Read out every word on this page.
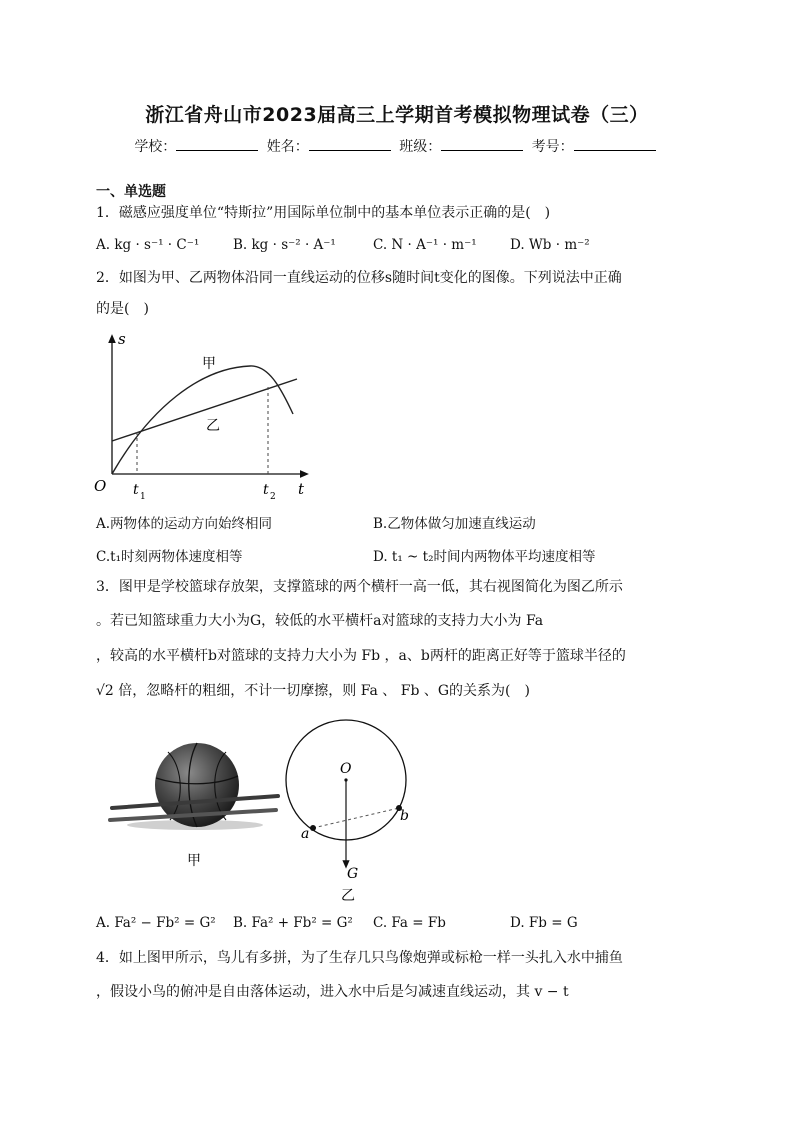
浙江省舟山市2023届高三上学期首考模拟物理试卷（三）
学校：	姓名：	班级：	考号：
一、单选题
1．磁感应强度单位“特斯拉”用国际单位制中的基本单位表示正确的是(　)
A. kg · s⁻¹ · C⁻¹	B. kg · s⁻² · A⁻¹	C. N · A⁻¹ · m⁻¹ D. Wb · m⁻²
2．如图为甲、乙两物体沿同一直线运动的位移s随时间t变化的图像。下列说法中正确
的是(　)
s
t
O
甲
乙
t 1	t 2
A.两物体的运动方向始终相同	B.乙物体做匀加速直线运动
C.t₁时刻两物体速度相等	D. t₁ ~ t₂时间内两物体平均速度相等
3．图甲是学校篮球存放架，支撑篮球的两个横杆一高一低，其右视图简化为图乙所示
。若已知篮球重力大小为G，较低的水平横杆a对篮球的支持力大小为 Fa
，较高的水平横杆b对篮球的支持力大小为 Fb ，a、b两杆的距离正好等于篮球半径的
√2 倍，忽略杆的粗细，不计一切摩擦，则 Fa 、 Fb 、G的关系为(　)
甲
O
a
b
G
乙
A. Fa² − Fb² = G² B. Fa² + Fb² = G² C. Fa = Fb	D. Fb = G
4．如上图甲所示，鸟儿有多拼，为了生存几只鸟像炮弹或标枪一样一头扎入水中捕鱼
，假设小鸟的俯冲是自由落体运动，进入水中后是匀减速直线运动，其 v − t
